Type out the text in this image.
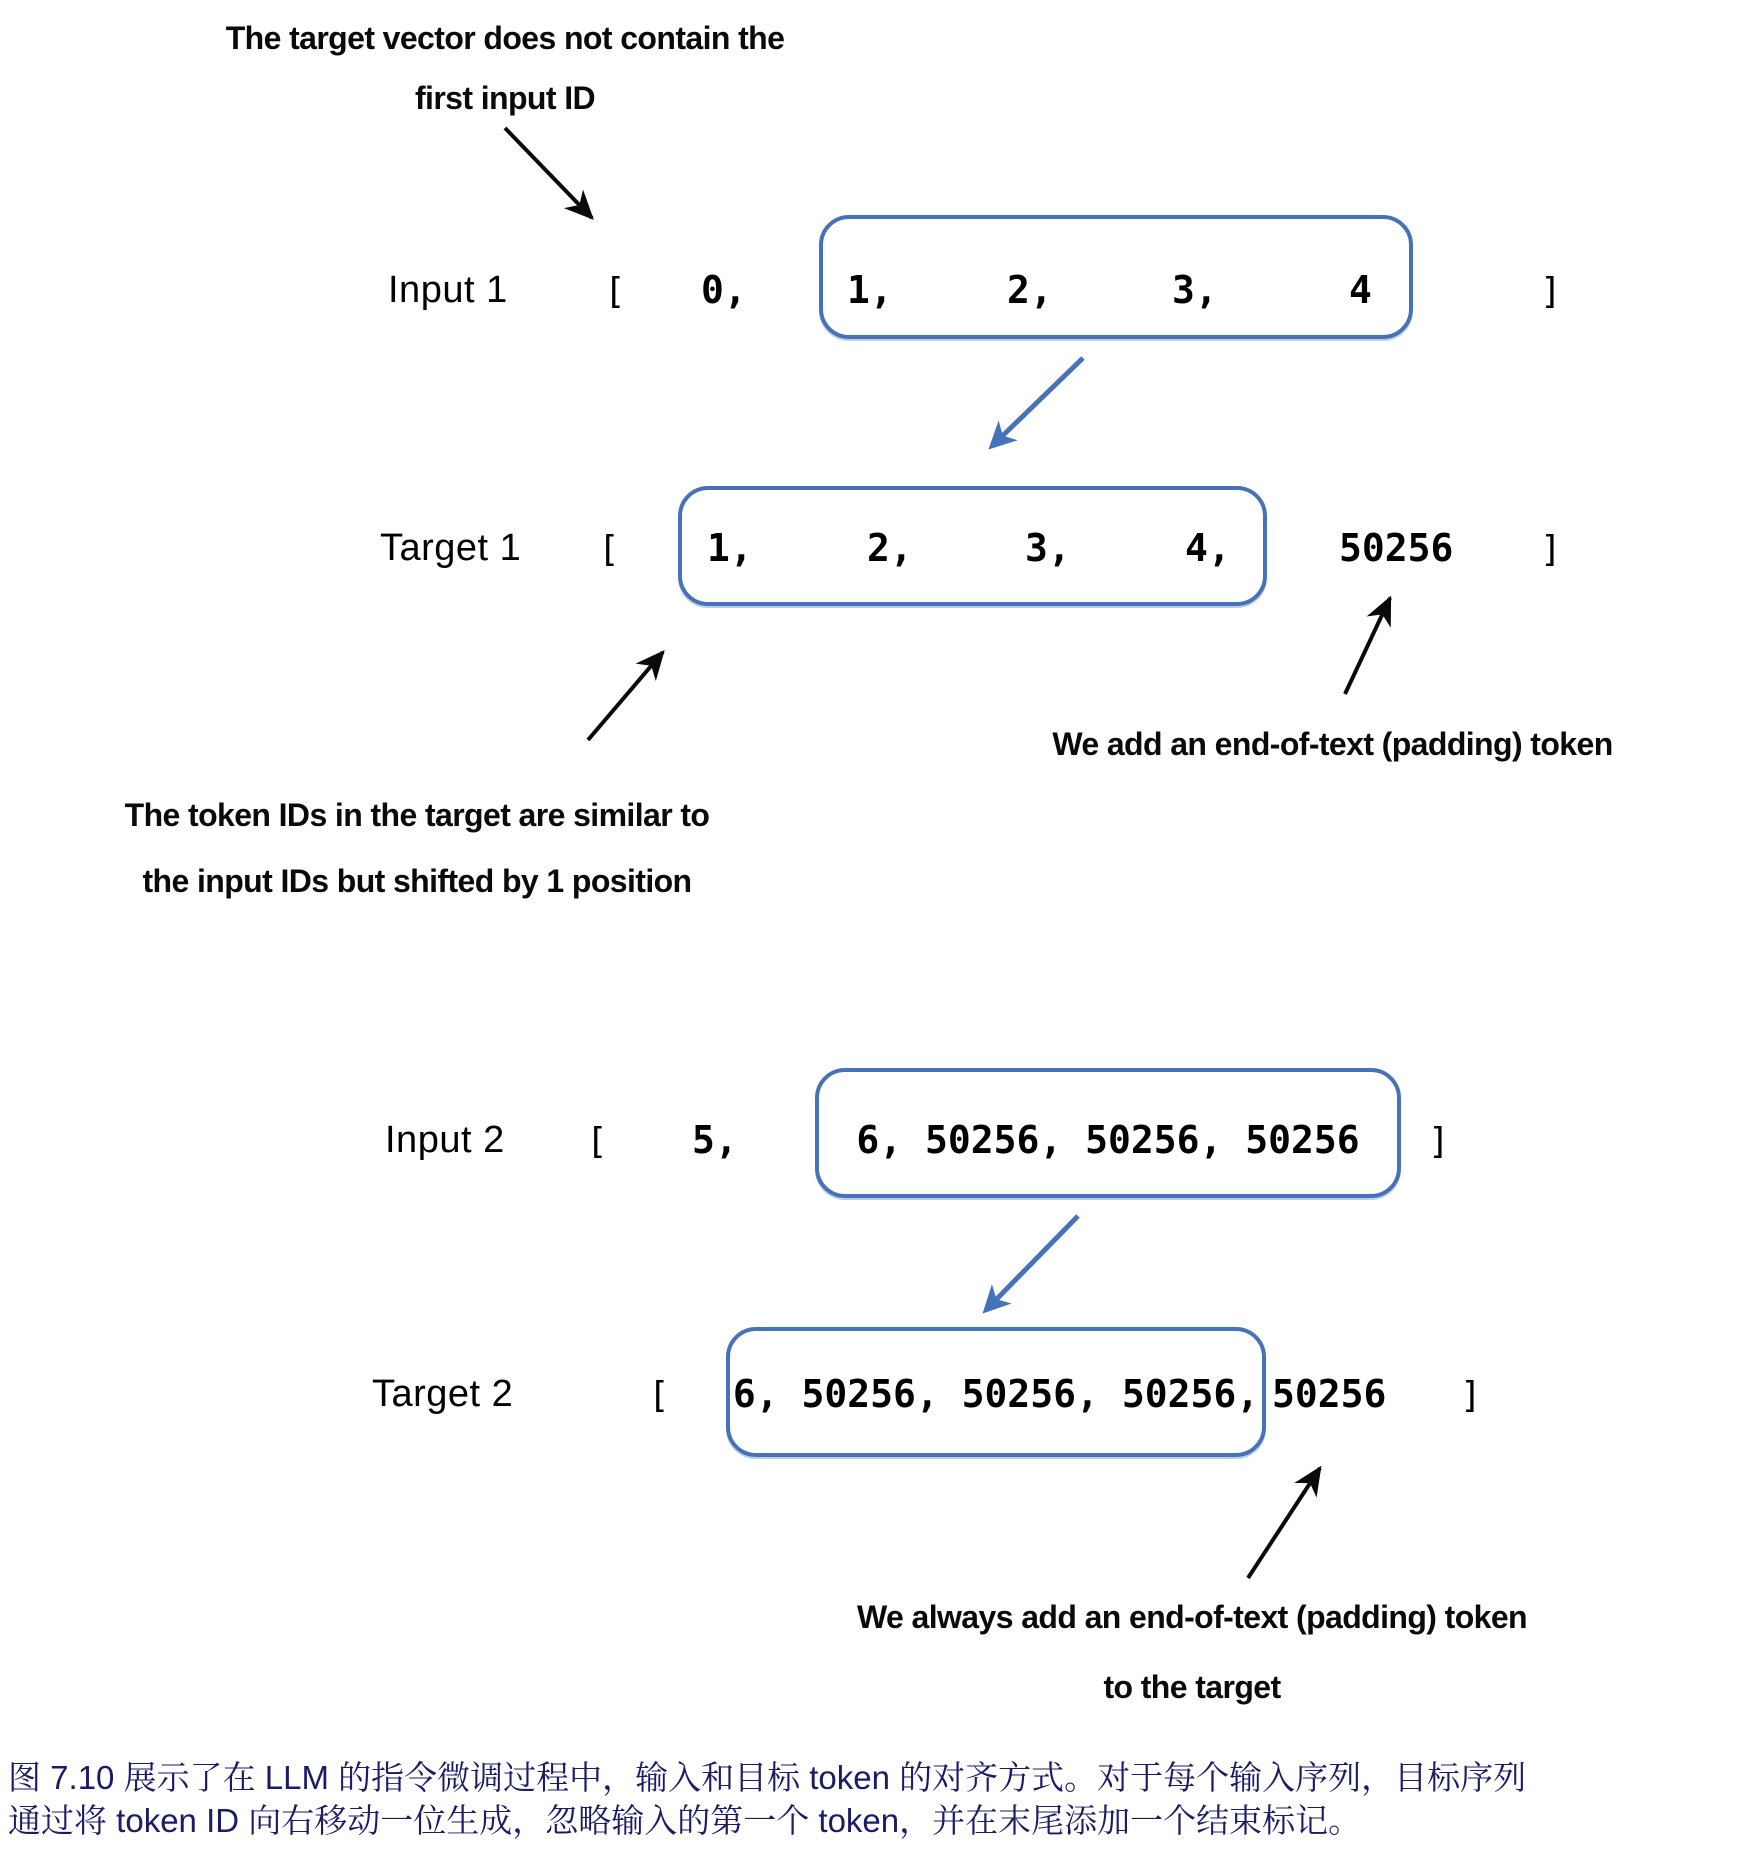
The target vector does not contain the
first input ID
Input 1	[ 0,	1,	2,	3,	4	]
Target 1 [ 1,	2,	3,	4,	50256 ]
We add an end-of-text (padding) token
The token IDs in the target are similar to
the input IDs but shifted by 1 position
Input 2 [ 5,	6, 50256, 50256, 50256	]
Target 2	[ 6, 50256, 50256, 50256, 50256 ]
We always add an end-of-text (padding) token
to the target
图 7.10 展示了在 LLM 的指令微调过程中，输入和目标 token 的对齐方式。对于每个输入序列，目标序列
通过将 token ID 向右移动一位生成，忽略输入的第一个 token，并在末尾添加一个结束标记。
